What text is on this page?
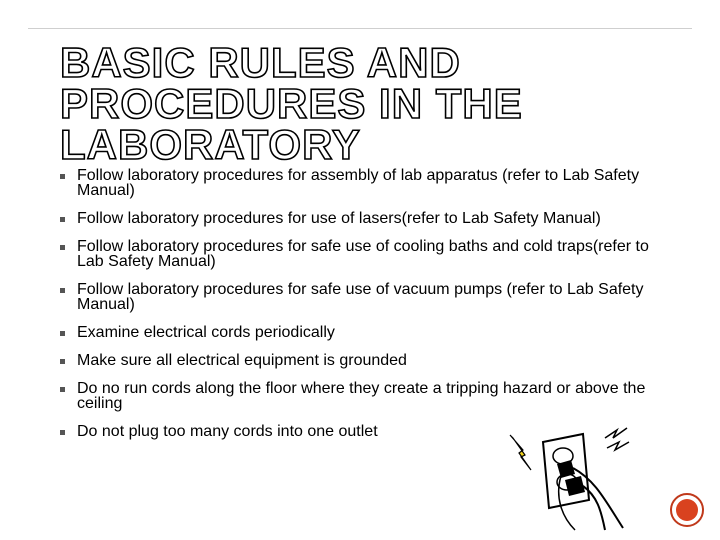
BASIC RULES AND
PROCEDURES IN THE
LABORATORY
Follow laboratory procedures for assembly of lab apparatus (refer to Lab Safety Manual)
Follow laboratory procedures for use of lasers(refer to Lab Safety Manual)
Follow laboratory procedures for safe use of cooling baths and cold traps(refer to Lab Safety Manual)
Follow laboratory procedures for safe use of vacuum pumps (refer to Lab Safety Manual)
Examine electrical cords periodically
Make sure all electrical equipment is grounded
Do no run cords along the floor where they create a tripping hazard or above the ceiling
Do not plug too many cords into one outlet
